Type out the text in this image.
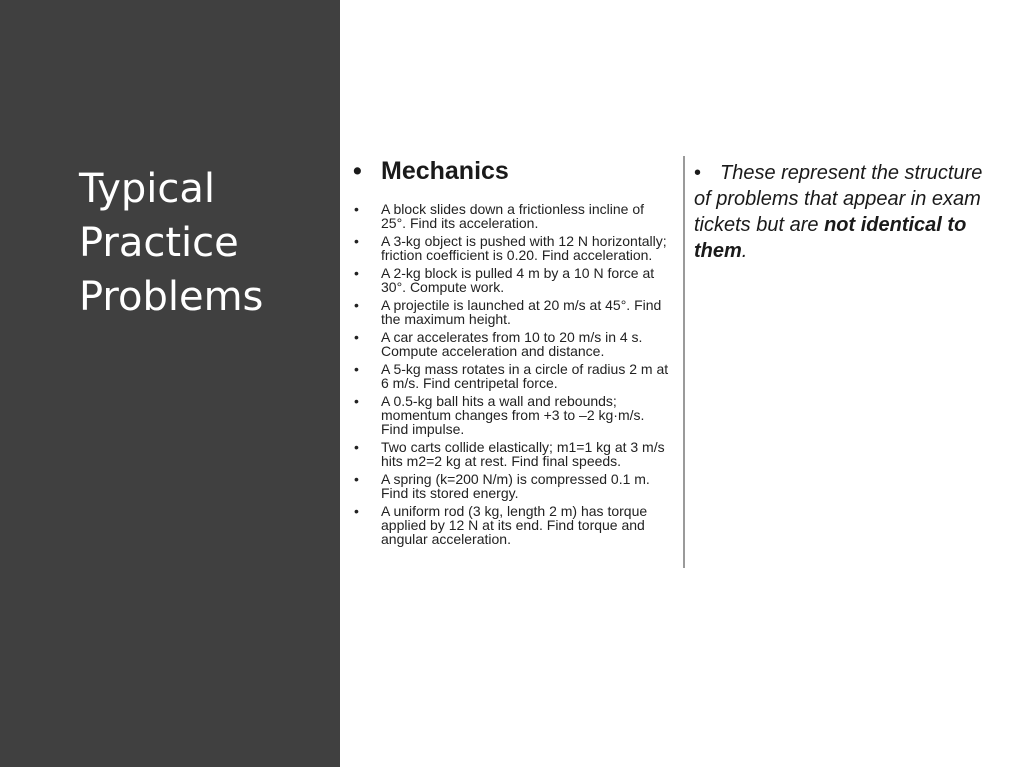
Typical
Practice
Problems
• Mechanics
•	A block slides down a frictionless incline of 25°. Find its acceleration.
•	A 3-kg object is pushed with 12 N horizontally; friction coefficient is 0.20. Find acceleration.
•	A 2-kg block is pulled 4 m by a 10 N force at 30°. Compute work.
•	A projectile is launched at 20 m/s at 45°. Find the maximum height.
•	A car accelerates from 10 to 20 m/s in 4 s. Compute acceleration and distance.
•	A 5-kg mass rotates in a circle of radius 2 m at 6 m/s. Find centripetal force.
•	A 0.5-kg ball hits a wall and rebounds; momentum changes from +3 to –2 kg·m/s. Find impulse.
•	Two carts collide elastically; m1=1 kg at 3 m/s hits m2=2 kg at rest. Find final speeds.
•	A spring (k=200 N/m) is compressed 0.1 m. Find its stored energy.
•	A uniform rod (3 kg, length 2 m) has torque applied by 12 N at its end. Find torque and angular acceleration.
• These represent the structure of problems that appear in exam tickets but are not identical to them.
